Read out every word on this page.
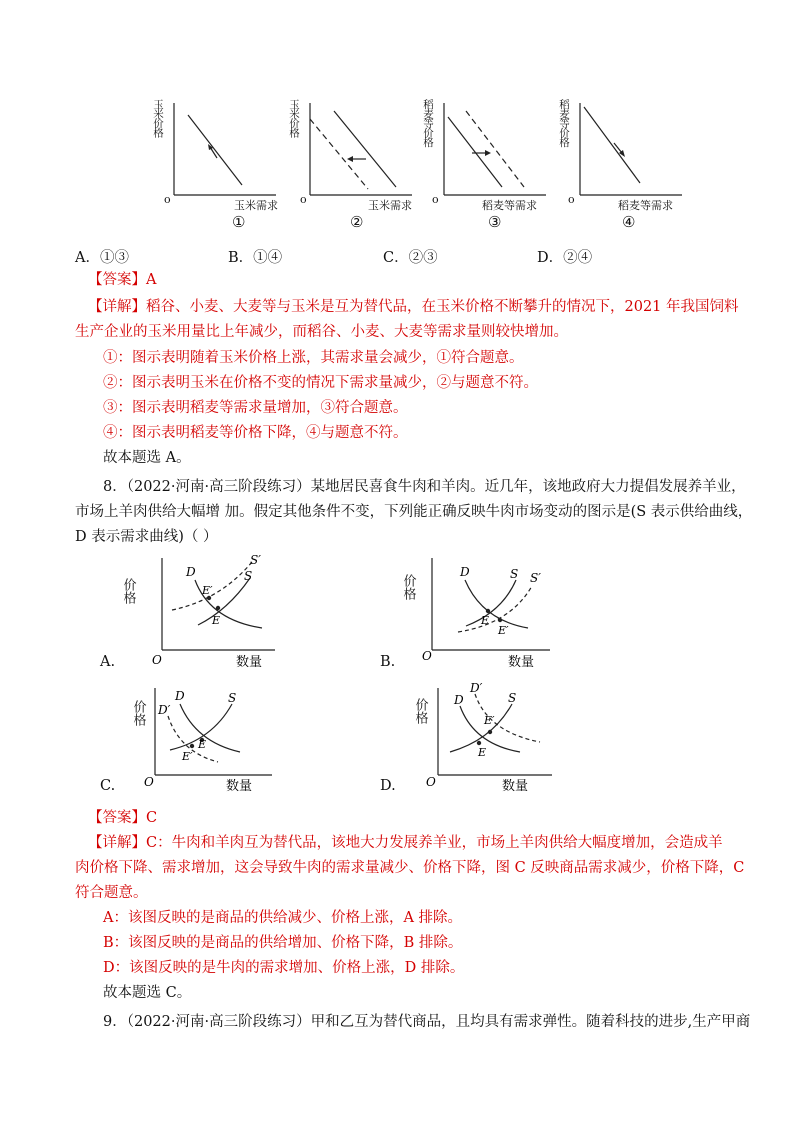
玉米价格
o	玉米需求
①
玉米价格
o	玉米需求
②
稻麦等价格
o	稻麦等需求
③
稻麦等价格
o	稻麦等需求
④
A．①③	B．①④	C．②③	D．②④
【答案】A
【详解】稻谷、小麦、大麦等与玉米是互为替代品，在玉米价格不断攀升的情况下，2021 年我国饲料
生产企业的玉米用量比上年减少，而稻谷、小麦、大麦等需求量则较快增加。
①：图示表明随着玉米价格上涨，其需求量会减少，①符合题意。
②：图示表明玉米在价格不变的情况下需求量减少，②与题意不符。
③：图示表明稻麦等需求量增加，③符合题意。
④：图示表明稻麦等价格下降，④与题意不符。
故本题选 A。
8．（2022·河南·高三阶段练习）某地居民喜食牛肉和羊肉。近几年，该地政府大力提倡发展养羊业，
市场上羊肉供给大幅增 加。假定其他条件不变，下列能正确反映牛肉市场变动的图示是(S 表示供给曲线，
D 表示需求曲线)（ ）
A.
价格
D
S′
S
E′
E
O	数量	B.
价格
D	S S′
E
E′
O	数量
C.
价格
D
D′
S
E
E′
O	数量	D.
价格
D′
D	S
E′
E
O	数量
【答案】C
【详解】C：牛肉和羊肉互为替代品，该地大力发展养羊业，市场上羊肉供给大幅度增加，会造成羊
肉价格下降、需求增加，这会导致牛肉的需求量减少、价格下降，图 C 反映商品需求减少，价格下降，C
符合题意。
A：该图反映的是商品的供给减少、价格上涨，A 排除。
B：该图反映的是商品的供给增加、价格下降，B 排除。
D：该图反映的是牛肉的需求增加、价格上涨，D 排除。
故本题选 C。
9．（2022·河南·高三阶段练习）甲和乙互为替代商品，且均具有需求弹性。随着科技的进步,生产甲商
